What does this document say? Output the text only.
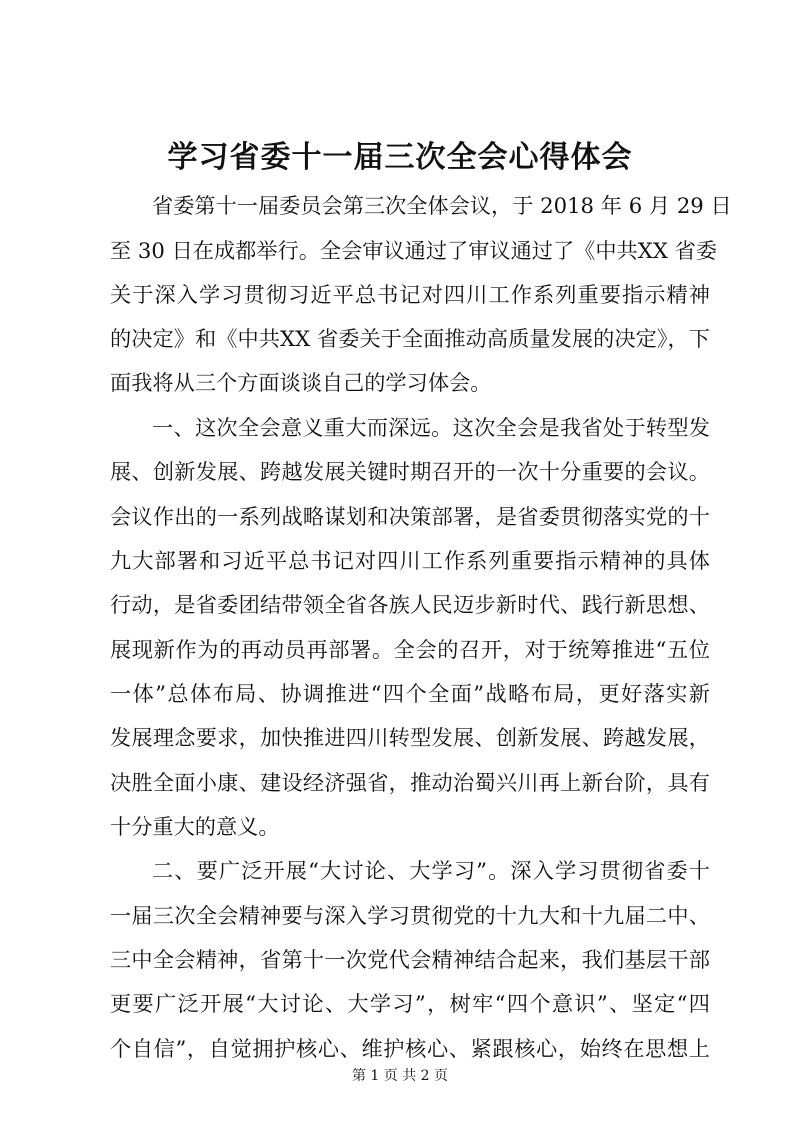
学习省委十一届三次全会心得体会
省委第十一届委员会第三次全体会议，于 2018 年 6 月 29 日
至 30 日在成都举行。全会审议通过了审议通过了《中共XX 省委
关于深入学习贯彻习近平总书记对四川工作系列重要指示精神
的决定》和《中共XX 省委关于全面推动高质量发展的决定》，下
面我将从三个方面谈谈自己的学习体会。
一、这次全会意义重大而深远。这次全会是我省处于转型发
展、创新发展、跨越发展关键时期召开的一次十分重要的会议。
会议作出的一系列战略谋划和决策部署，是省委贯彻落实党的十
九大部署和习近平总书记对四川工作系列重要指示精神的具体
行动，是省委团结带领全省各族人民迈步新时代、践行新思想、
展现新作为的再动员再部署。全会的召开，对于统筹推进“五位
一体”总体布局、协调推进“四个全面”战略布局，更好落实新
发展理念要求，加快推进四川转型发展、创新发展、跨越发展，
决胜全面小康、建设经济强省，推动治蜀兴川再上新台阶，具有
十分重大的意义。
二、要广泛开展“大讨论、大学习”。深入学习贯彻省委十
一届三次全会精神要与深入学习贯彻党的十九大和十九届二中、
三中全会精神，省第十一次党代会精神结合起来，我们基层干部
更要广泛开展“大讨论、大学习”，树牢“四个意识”、坚定“四
个自信”，自觉拥护核心、维护核心、紧跟核心，始终在思想上
第 1 页 共 2 页
